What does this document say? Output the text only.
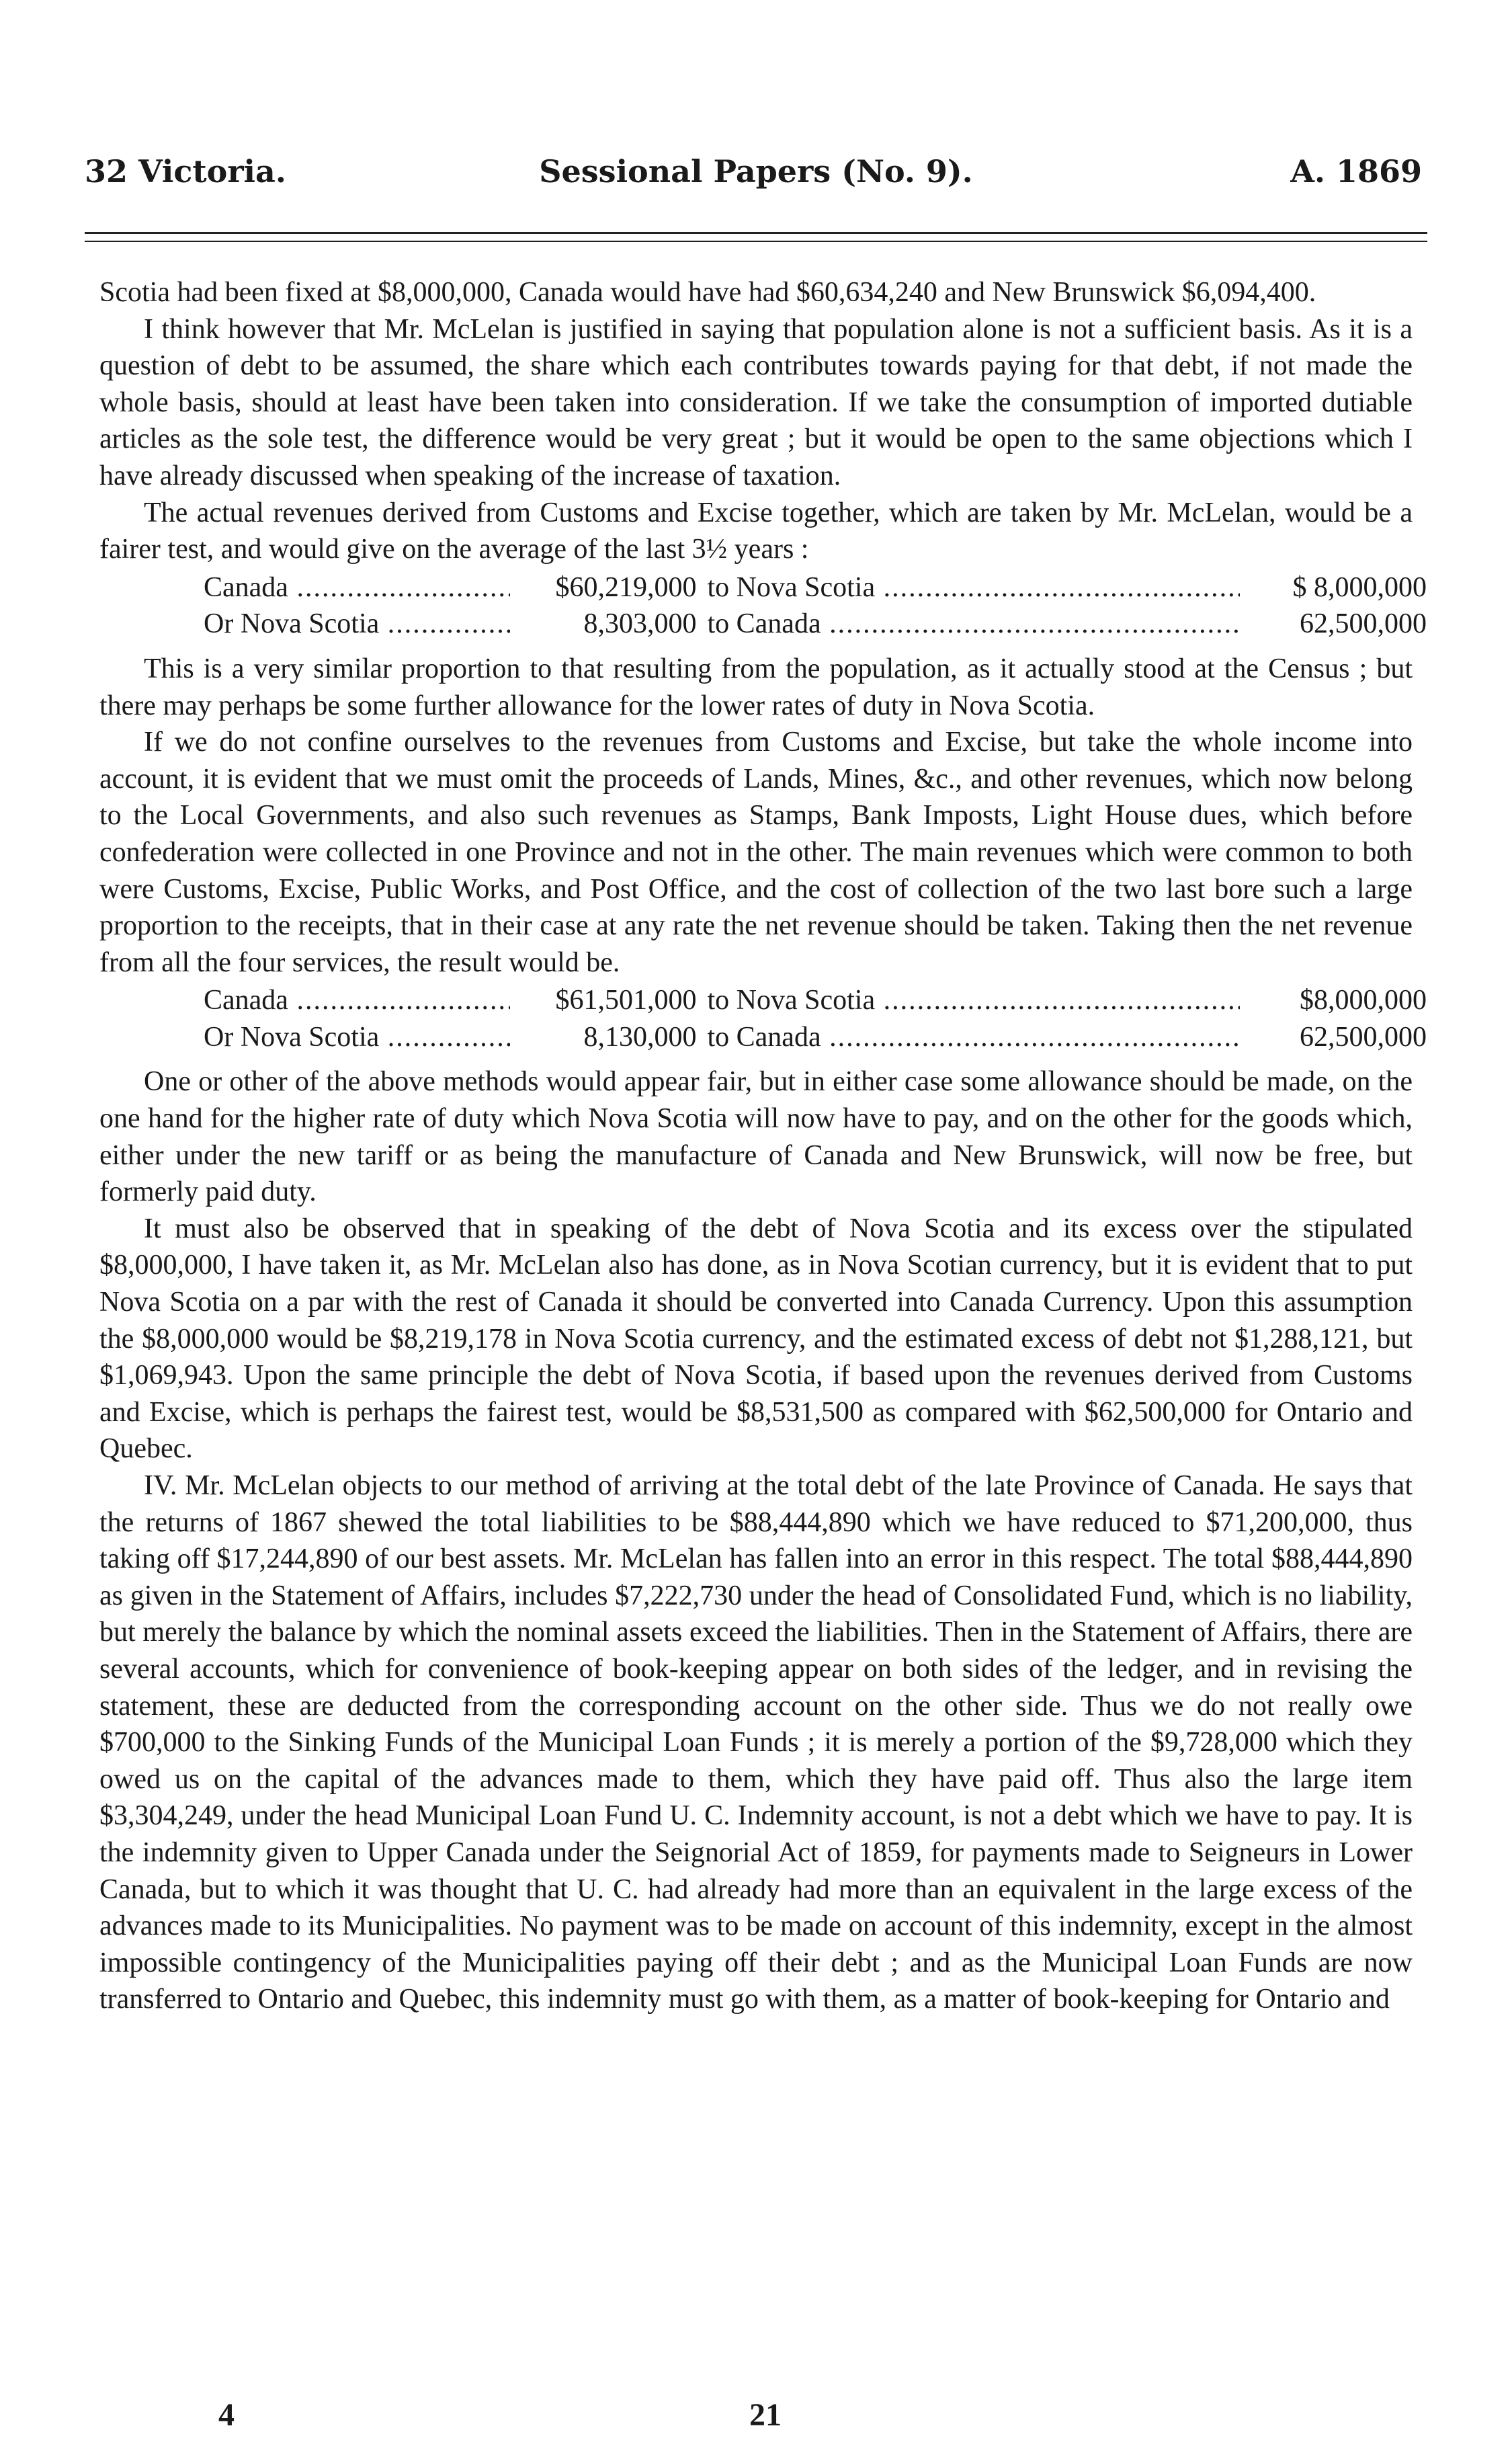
32 Victoria.	Sessional Papers (No. 9).	A. 1869

Scotia had been fixed at $8,000,000, Canada would have had $60,634,240 and New Brunswick $6,094,400.

I think however that Mr. McLelan is justified in saying that population alone is not a sufficient basis. As it is a question of debt to be assumed, the share which each contributes towards paying for that debt, if not made the whole basis, should at least have been taken into consideration. If we take the consumption of imported dutiable articles as the sole test, the difference would be very great ; but it would be open to the same objections which I have already discussed when speaking of the increase of taxation.

The actual revenues derived from Customs and Excise together, which are taken by Mr. McLelan, would be a fairer test, and would give on the average of the last 3½ years :

Canada .....	$60,219,000 to Nova Scotia .....	$ 8,000,000
Or Nova Scotia .....	8,303,000 to Canada .....	62,500,000

This is a very similar proportion to that resulting from the population, as it actually stood at the Census ; but there may perhaps be some further allowance for the lower rates of duty in Nova Scotia.

If we do not confine ourselves to the revenues from Customs and Excise, but take the whole income into account, it is evident that we must omit the proceeds of Lands, Mines, &c., and other revenues, which now belong to the Local Governments, and also such revenues as Stamps, Bank Imposts, Light House dues, which before confederation were collected in one Province and not in the other. The main revenues which were common to both were Customs, Excise, Public Works, and Post Office, and the cost of collection of the two last bore such a large proportion to the receipts, that in their case at any rate the net revenue should be taken. Taking then the net revenue from all the four services, the result would be.

Canada .....	$61,501,000 to Nova Scotia .....	$8,000,000
Or Nova Scotia .....	8,130,000 to Canada .....	62,500,000

One or other of the above methods would appear fair, but in either case some allowance should be made, on the one hand for the higher rate of duty which Nova Scotia will now have to pay, and on the other for the goods which, either under the new tariff or as being the manufacture of Canada and New Brunswick, will now be free, but formerly paid duty.

It must also be observed that in speaking of the debt of Nova Scotia and its excess over the stipulated $8,000,000, I have taken it, as Mr. McLelan also has done, as in Nova Scotian currency, but it is evident that to put Nova Scotia on a par with the rest of Canada it should be converted into Canada Currency. Upon this assumption the $8,000,000 would be $8,219,178 in Nova Scotia currency, and the estimated excess of debt not $1,288,121, but $1,069,943. Upon the same principle the debt of Nova Scotia, if based upon the revenues derived from Customs and Excise, which is perhaps the fairest test, would be $8,531,500 as compared with $62,500,000 for Ontario and Quebec.

IV. Mr. McLelan objects to our method of arriving at the total debt of the late Province of Canada. He says that the returns of 1867 shewed the total liabilities to be $88,444,890 which we have reduced to $71,200,000, thus taking off $17,244,890 of our best assets. Mr. McLelan has fallen into an error in this respect. The total $88,444,890 as given in the Statement of Affairs, includes $7,222,730 under the head of Consolidated Fund, which is no liability, but merely the balance by which the nominal assets exceed the liabilities. Then in the Statement of Affairs, there are several accounts, which for convenience of book-keeping appear on both sides of the ledger, and in revising the statement, these are deducted from the corresponding account on the other side. Thus we do not really owe $700,000 to the Sinking Funds of the Municipal Loan Funds ; it is merely a portion of the $9,728,000 which they owed us on the capital of the advances made to them, which they have paid off. Thus also the large item $3,304,249, under the head Municipal Loan Fund U. C. Indemnity account, is not a debt which we have to pay. It is the indemnity given to Upper Canada under the Seignorial Act of 1859, for payments made to Seigneurs in Lower Canada, but to which it was thought that U. C. had already had more than an equivalent in the large excess of the advances made to its Municipalities. No payment was to be made on account of this indemnity, except in the almost impossible contingency of the Municipalities paying off their debt ; and as the Municipal Loan Funds are now transferred to Ontario and Quebec, this indemnity must go with them, as a matter of book-keeping for Ontario and

4	21
